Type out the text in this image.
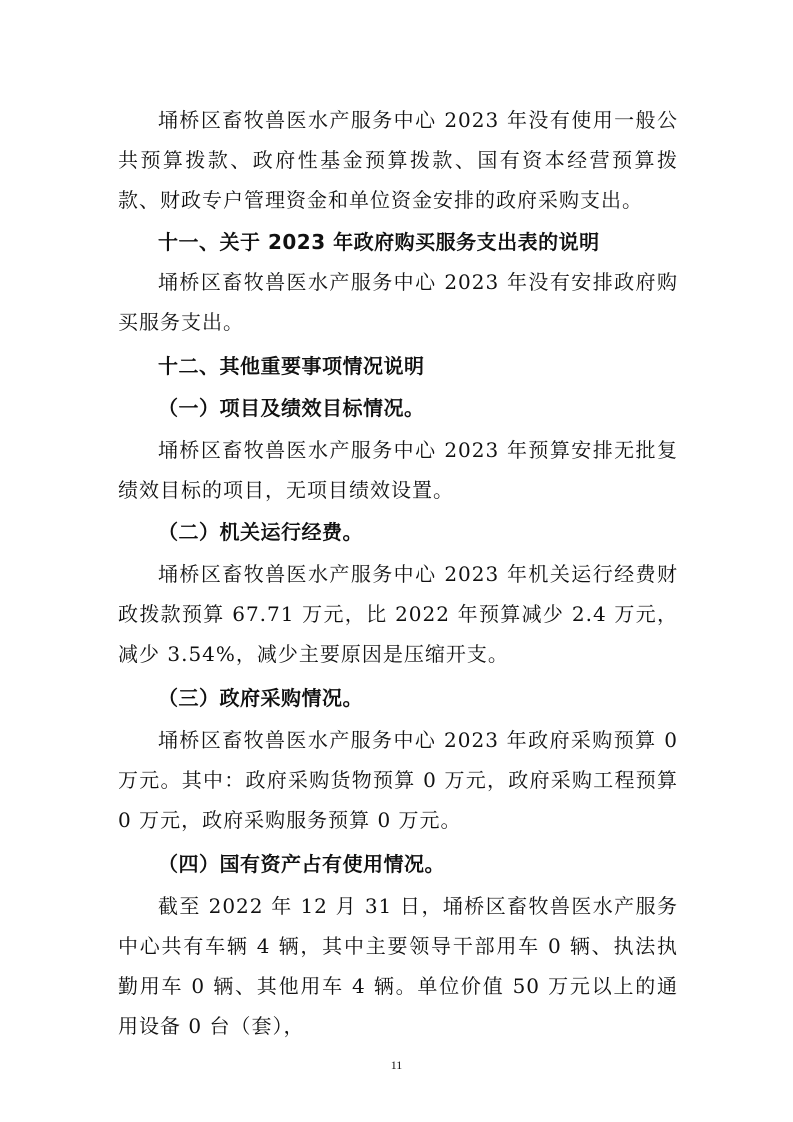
埇桥区畜牧兽医水产服务中心 2023 年没有使用一般公共预算拨款、政府性基金预算拨款、国有资本经营预算拨款、财政专户管理资金和单位资金安排的政府采购支出。

十一、关于 2023 年政府购买服务支出表的说明

埇桥区畜牧兽医水产服务中心 2023 年没有安排政府购买服务支出。

十二、其他重要事项情况说明

（一）项目及绩效目标情况。

埇桥区畜牧兽医水产服务中心 2023 年预算安排无批复绩效目标的项目，无项目绩效设置。

（二）机关运行经费。

埇桥区畜牧兽医水产服务中心 2023 年机关运行经费财政拨款预算 67.71 万元，比 2022 年预算减少 2.4 万元，减少 3.54%，减少主要原因是压缩开支。

（三）政府采购情况。

埇桥区畜牧兽医水产服务中心 2023 年政府采购预算 0 万元。其中：政府采购货物预算 0 万元，政府采购工程预算 0 万元，政府采购服务预算 0 万元。

（四）国有资产占有使用情况。

截至 2022 年 12 月 31 日，埇桥区畜牧兽医水产服务中心共有车辆 4 辆，其中主要领导干部用车 0 辆、执法执勤用车 0 辆、其他用车 4 辆。单位价值 50 万元以上的通用设备 0 台（套），

11
